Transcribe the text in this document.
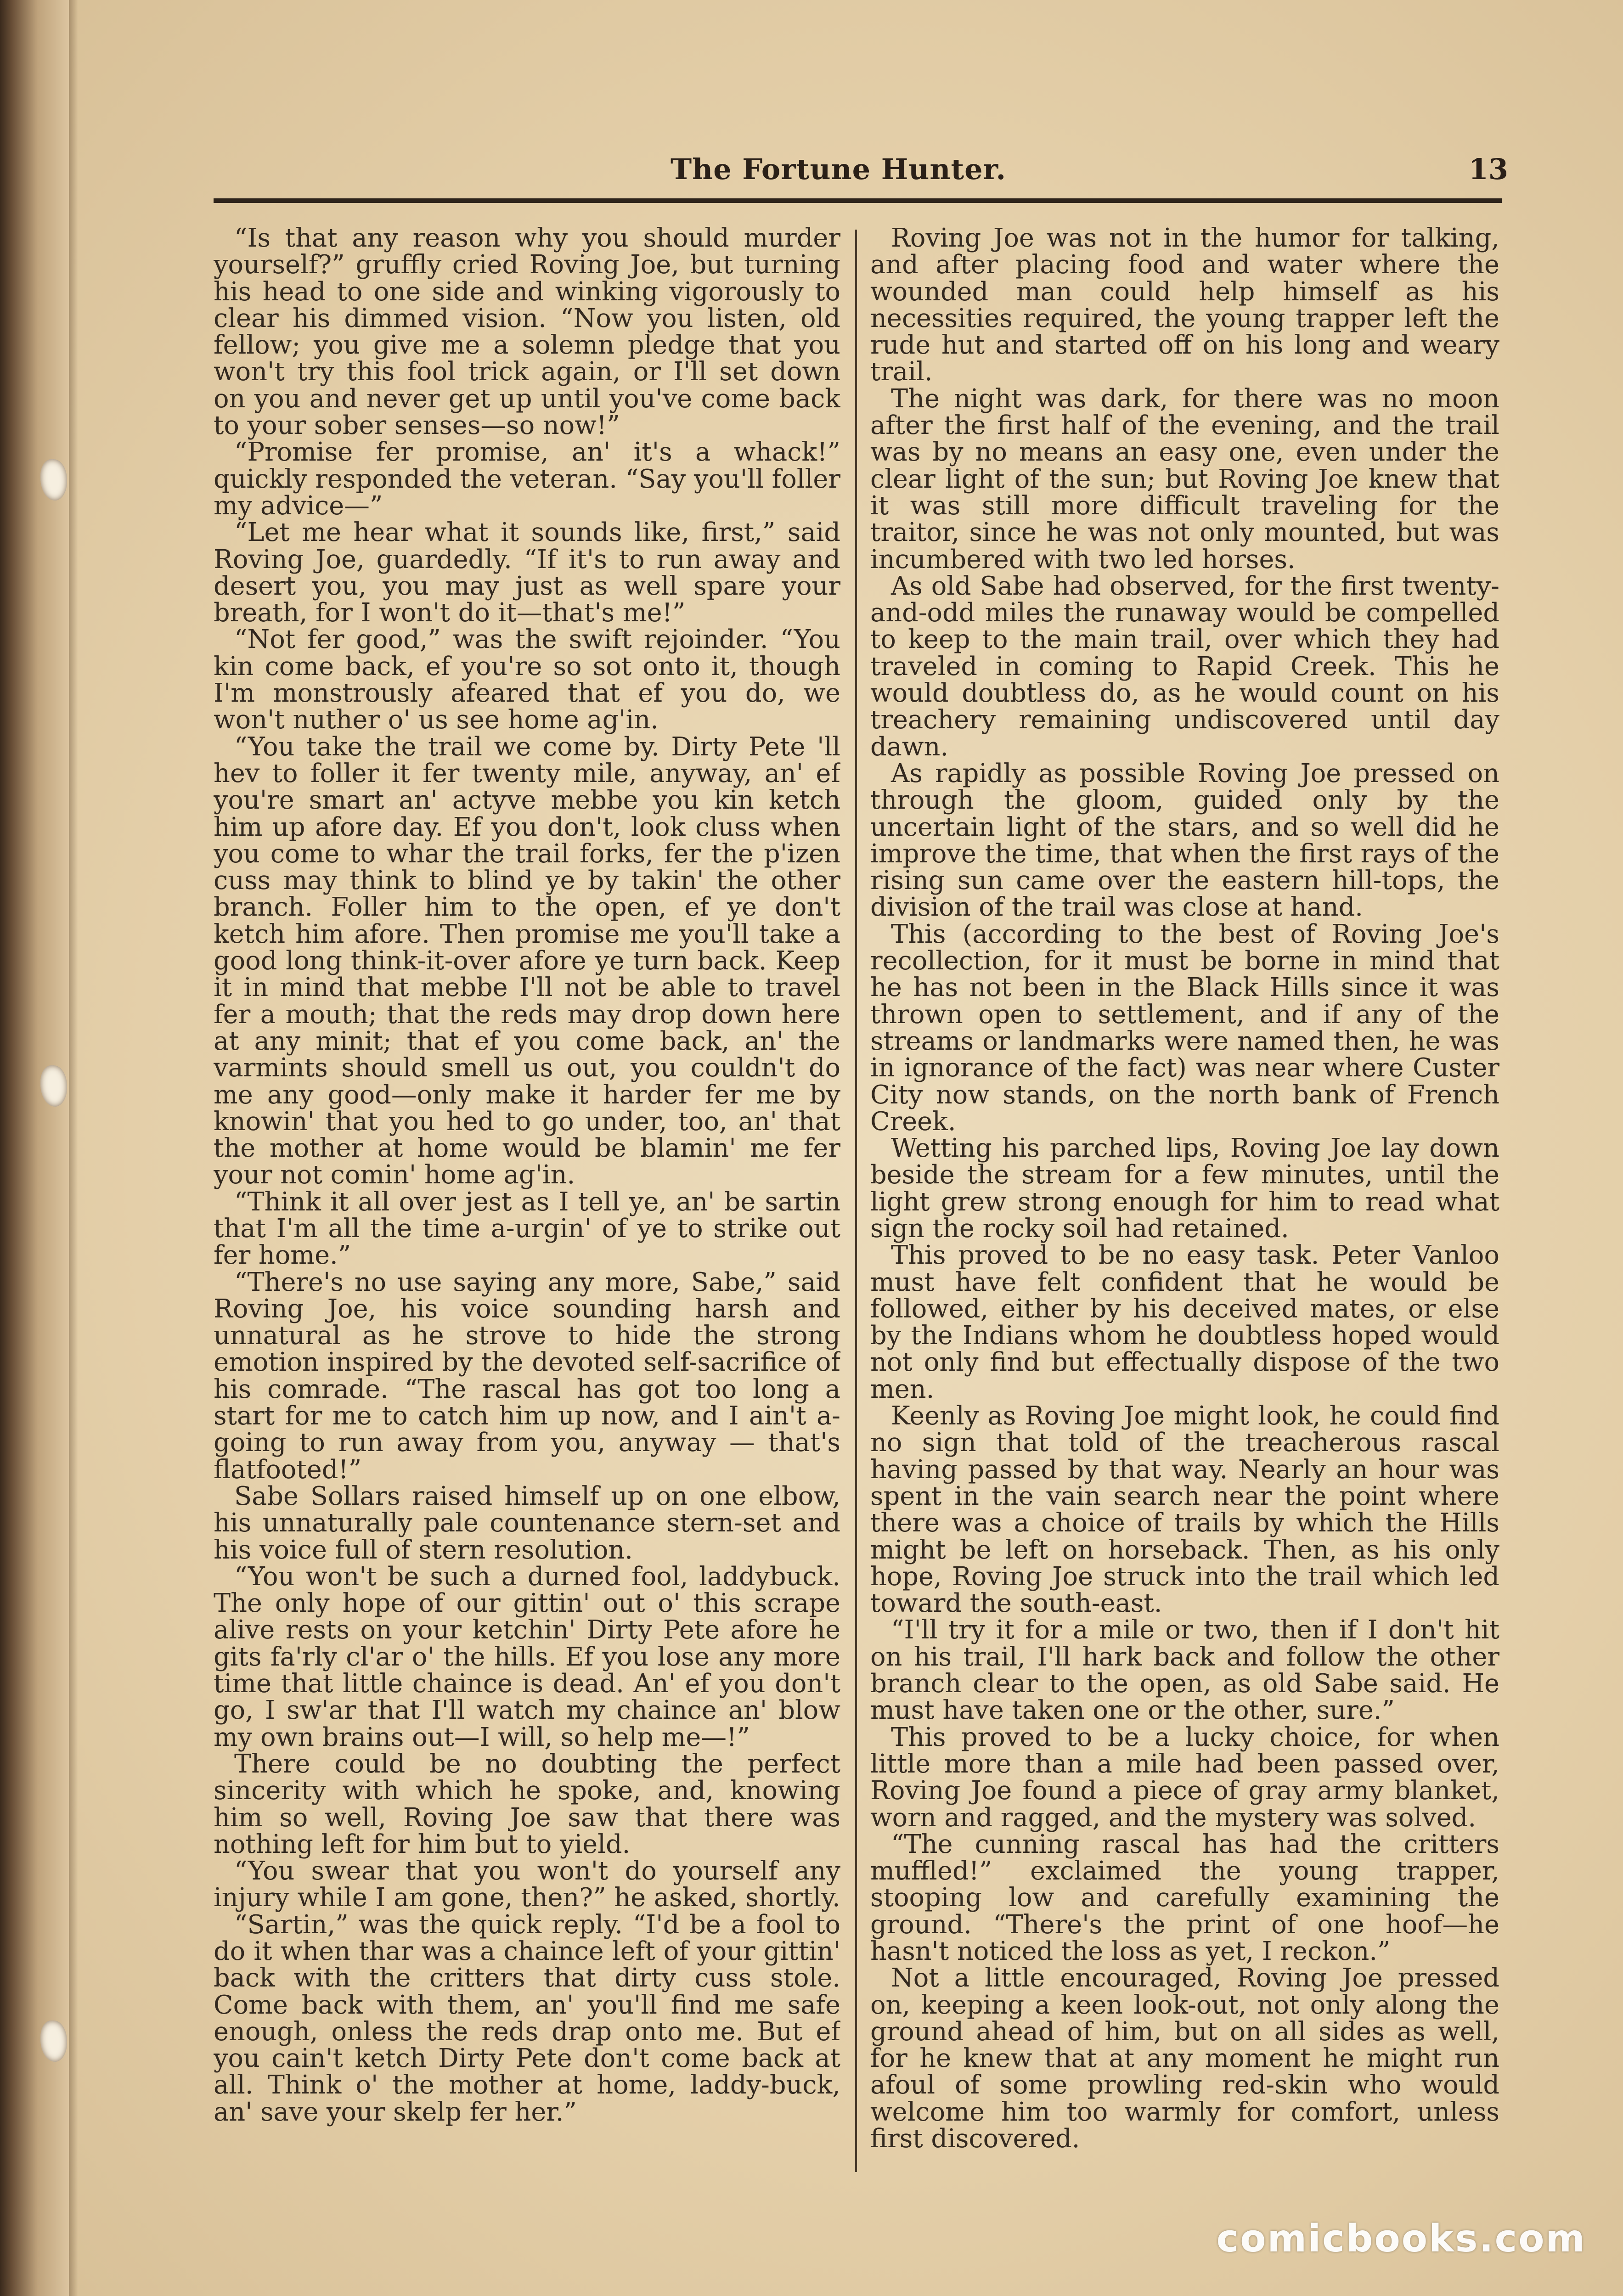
The Fortune Hunter.	13

“Is that any reason why you should murder yourself?” gruffly cried Roving Joe, but turning his head to one side and winking vigorously to clear his dimmed vision. “Now you listen, old fellow; you give me a solemn pledge that you won't try this fool trick again, or I'll set down on you and never get up until you've come back to your sober senses—so now!”

“Promise fer promise, an' it's a whack!” quickly responded the veteran. “Say you'll foller my advice—”

“Let me hear what it sounds like, first,” said Roving Joe, guardedly. “If it's to run away and desert you, you may just as well spare your breath, for I won't do it—that's me!”

“Not fer good,” was the swift rejoinder. “You kin come back, ef you're so sot onto it, though I'm monstrously afeared that ef you do, we won't nuther o' us see home ag'in.

“You take the trail we come by. Dirty Pete 'll hev to foller it fer twenty mile, anyway, an' ef you're smart an' actyve mebbe you kin ketch him up afore day. Ef you don't, look cluss when you come to whar the trail forks, fer the p'izen cuss may think to blind ye by takin' the other branch. Foller him to the open, ef ye don't ketch him afore. Then promise me you'll take a good long think-it-over afore ye turn back. Keep it in mind that mebbe I'll not be able to travel fer a mouth; that the reds may drop down here at any minit; that ef you come back, an' the varmints should smell us out, you couldn't do me any good—only make it harder fer me by knowin' that you hed to go under, too, an' that the mother at home would be blamin' me fer your not comin' home ag'in.

“Think it all over jest as I tell ye, an' be sartin that I'm all the time a-urgin' of ye to strike out fer home.”

“There's no use saying any more, Sabe,” said Roving Joe, his voice sounding harsh and unnatural as he strove to hide the strong emotion inspired by the devoted self-sacrifice of his comrade. “The rascal has got too long a start for me to catch him up now, and I ain't a-going to run away from you, anyway — that's flatfooted!”

Sabe Sollars raised himself up on one elbow, his unnaturally pale countenance stern-set and his voice full of stern resolution.

“You won't be such a durned fool, laddybuck. The only hope of our gittin' out o' this scrape alive rests on your ketchin' Dirty Pete afore he gits fa'rly cl'ar o' the hills. Ef you lose any more time that little chaince is dead. An' ef you don't go, I sw'ar that I'll watch my chaince an' blow my own brains out—I will, so help me—!”

There could be no doubting the perfect sincerity with which he spoke, and, knowing him so well, Roving Joe saw that there was nothing left for him but to yield.

“You swear that you won't do yourself any injury while I am gone, then?” he asked, shortly.

“Sartin,” was the quick reply. “I'd be a fool to do it when thar was a chaince left of your gittin' back with the critters that dirty cuss stole. Come back with them, an' you'll find me safe enough, onless the reds drap onto me. But ef you cain't ketch Dirty Pete don't come back at all. Think o' the mother at home, laddy-buck, an' save your skelp fer her.”

Roving Joe was not in the humor for talking, and after placing food and water where the wounded man could help himself as his necessities required, the young trapper left the rude hut and started off on his long and weary trail.

The night was dark, for there was no moon after the first half of the evening, and the trail was by no means an easy one, even under the clear light of the sun; but Roving Joe knew that it was still more difficult traveling for the traitor, since he was not only mounted, but was incumbered with two led horses.

As old Sabe had observed, for the first twenty-and-odd miles the runaway would be compelled to keep to the main trail, over which they had traveled in coming to Rapid Creek. This he would doubtless do, as he would count on his treachery remaining undiscovered until day dawn.

As rapidly as possible Roving Joe pressed on through the gloom, guided only by the uncertain light of the stars, and so well did he improve the time, that when the first rays of the rising sun came over the eastern hill-tops, the division of the trail was close at hand.

This (according to the best of Roving Joe's recollection, for it must be borne in mind that he has not been in the Black Hills since it was thrown open to settlement, and if any of the streams or landmarks were named then, he was in ignorance of the fact) was near where Custer City now stands, on the north bank of French Creek.

Wetting his parched lips, Roving Joe lay down beside the stream for a few minutes, until the light grew strong enough for him to read what sign the rocky soil had retained.

This proved to be no easy task. Peter Vanloo must have felt confident that he would be followed, either by his deceived mates, or else by the Indians whom he doubtless hoped would not only find but effectually dispose of the two men.

Keenly as Roving Joe might look, he could find no sign that told of the treacherous rascal having passed by that way. Nearly an hour was spent in the vain search near the point where there was a choice of trails by which the Hills might be left on horseback. Then, as his only hope, Roving Joe struck into the trail which led toward the south-east.

“I'll try it for a mile or two, then if I don't hit on his trail, I'll hark back and follow the other branch clear to the open, as old Sabe said. He must have taken one or the other, sure.”

This proved to be a lucky choice, for when little more than a mile had been passed over, Roving Joe found a piece of gray army blanket, worn and ragged, and the mystery was solved.

“The cunning rascal has had the critters muffled!” exclaimed the young trapper, stooping low and carefully examining the ground. “There's the print of one hoof—he hasn't noticed the loss as yet, I reckon.”

Not a little encouraged, Roving Joe pressed on, keeping a keen look-out, not only along the ground ahead of him, but on all sides as well, for he knew that at any moment he might run afoul of some prowling red-skin who would welcome him too warmly for comfort, unless first discovered.

comicbooks.com
